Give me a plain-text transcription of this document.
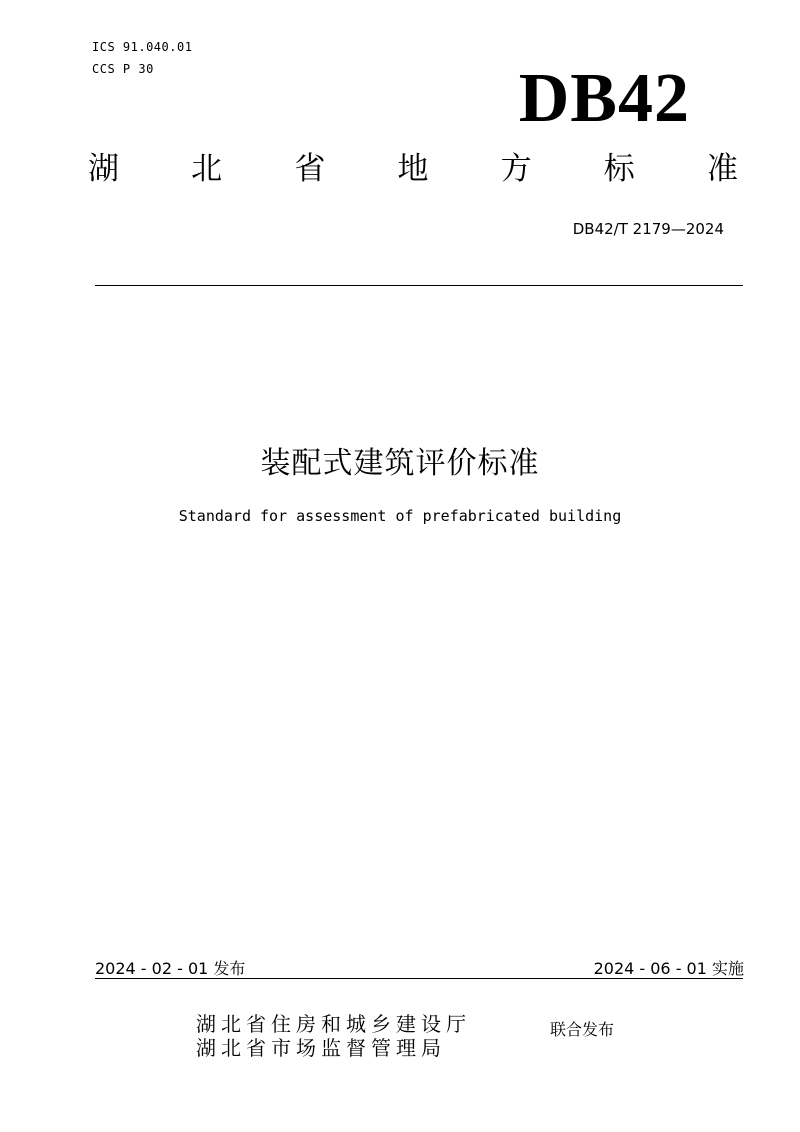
ICS 91.040.01
CCS P 30	DB42
湖 北 省 地 方 标 准
DB42/T 2179—2024
装配式建筑评价标准
Standard for assessment of prefabricated building
2024 - 02 - 01 发布	2024 - 06 - 01 实施
湖北省住房和城乡建设厅
湖北省市场监督管理局
联合发布
